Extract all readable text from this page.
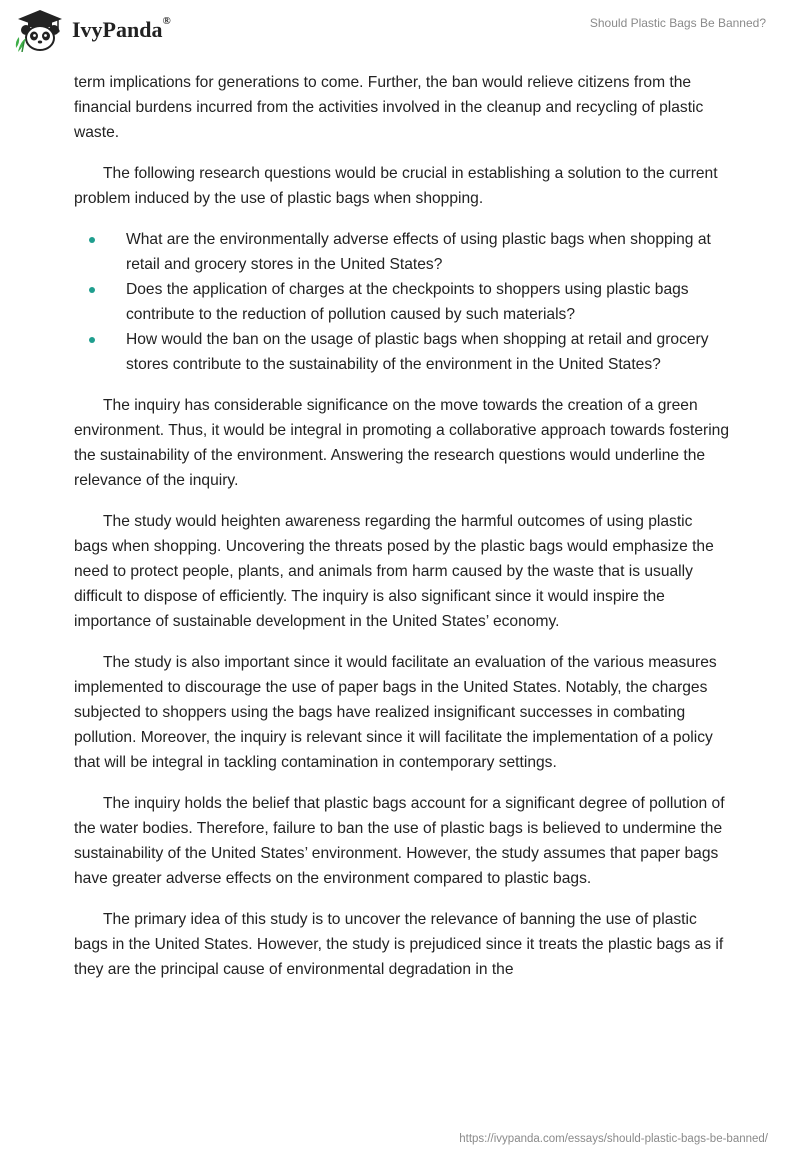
IvyPanda®	Should Plastic Bags Be Banned?

term implications for generations to come. Further, the ban would relieve citizens from the financial burdens incurred from the activities involved in the cleanup and recycling of plastic waste.

The following research questions would be crucial in establishing a solution to the current problem induced by the use of plastic bags when shopping.

What are the environmentally adverse effects of using plastic bags when shopping at retail and grocery stores in the United States?
Does the application of charges at the checkpoints to shoppers using plastic bags contribute to the reduction of pollution caused by such materials?
How would the ban on the usage of plastic bags when shopping at retail and grocery stores contribute to the sustainability of the environment in the United States?

The inquiry has considerable significance on the move towards the creation of a green environment. Thus, it would be integral in promoting a collaborative approach towards fostering the sustainability of the environment. Answering the research questions would underline the relevance of the inquiry.

The study would heighten awareness regarding the harmful outcomes of using plastic bags when shopping. Uncovering the threats posed by the plastic bags would emphasize the need to protect people, plants, and animals from harm caused by the waste that is usually difficult to dispose of efficiently. The inquiry is also significant since it would inspire the importance of sustainable development in the United States’ economy.

The study is also important since it would facilitate an evaluation of the various measures implemented to discourage the use of paper bags in the United States. Notably, the charges subjected to shoppers using the bags have realized insignificant successes in combating pollution. Moreover, the inquiry is relevant since it will facilitate the implementation of a policy that will be integral in tackling contamination in contemporary settings.

The inquiry holds the belief that plastic bags account for a significant degree of pollution of the water bodies. Therefore, failure to ban the use of plastic bags is believed to undermine the sustainability of the United States’ environment. However, the study assumes that paper bags have greater adverse effects on the environment compared to plastic bags.

The primary idea of this study is to uncover the relevance of banning the use of plastic bags in the United States. However, the study is prejudiced since it treats the plastic bags as if they are the principal cause of environmental degradation in the

https://ivypanda.com/essays/should-plastic-bags-be-banned/
